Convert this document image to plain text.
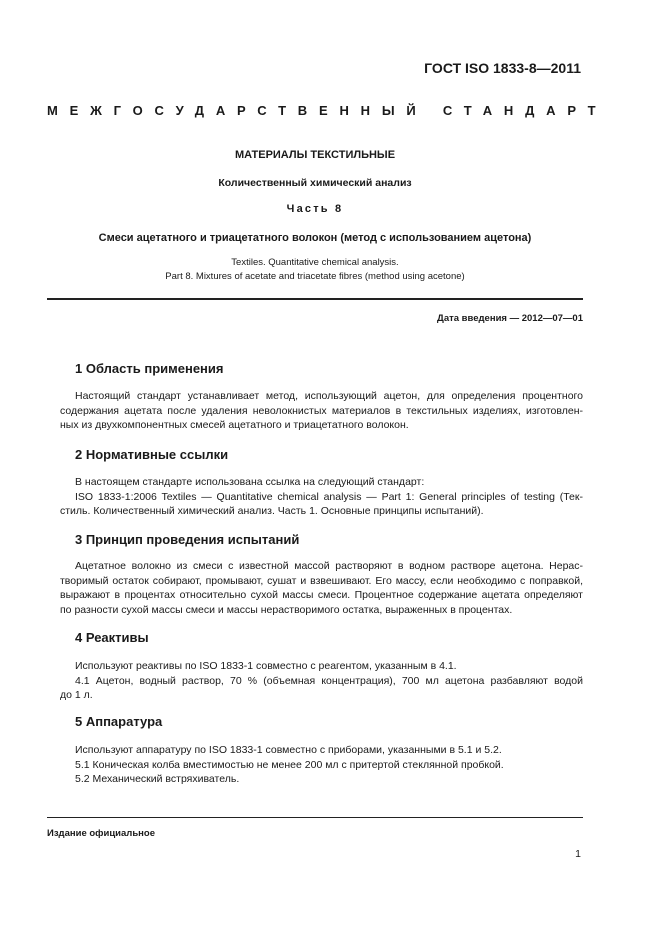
ГОСТ ISO 1833-8—2011
МЕЖГОСУДАРСТВЕННЫЙ СТАНДАРТ
МАТЕРИАЛЫ ТЕКСТИЛЬНЫЕ
Количественный химический анализ
Часть 8
Смеси ацетатного и триацетатного волокон (метод с использованием ацетона)
Textiles. Quantitative chemical analysis.
Part 8. Mixtures of acetate and triacetate fibres (method using acetone)
Дата введения — 2012—07—01
1 Область применения
Настоящий стандарт устанавливает метод, использующий ацетон, для определения процентного
содержания ацетата после удаления неволокнистых материалов в текстильных изделиях, изготовлен-
ных из двухкомпонентных смесей ацетатного и триацетатного волокон.
2 Нормативные ссылки
В настоящем стандарте использована ссылка на следующий стандарт:
ISO 1833-1:2006 Textiles — Quantitative chemical analysis — Part 1: General principles of testing (Тек-
стиль. Количественный химический анализ. Часть 1. Основные принципы испытаний).
3 Принцип проведения испытаний
Ацетатное волокно из смеси с известной массой растворяют в водном растворе ацетона. Нерас-
творимый остаток собирают, промывают, сушат и взвешивают. Его массу, если необходимо с поправкой,
выражают в процентах относительно сухой массы смеси. Процентное содержание ацетата определяют
по разности сухой массы смеси и массы нерастворимого остатка, выраженных в процентах.
4 Реактивы
Используют реактивы по ISO 1833-1 совместно с реагентом, указанным в 4.1.
4.1 Ацетон, водный раствор, 70 % (объемная концентрация), 700 мл ацетона разбавляют водой
до 1 л.
5 Аппаратура
Используют аппаратуру по ISO 1833-1 совместно с приборами, указанными в 5.1 и 5.2.
5.1 Коническая колба вместимостью не менее 200 мл с притертой стеклянной пробкой.
5.2 Механический встряхиватель.
Издание официальное
1
